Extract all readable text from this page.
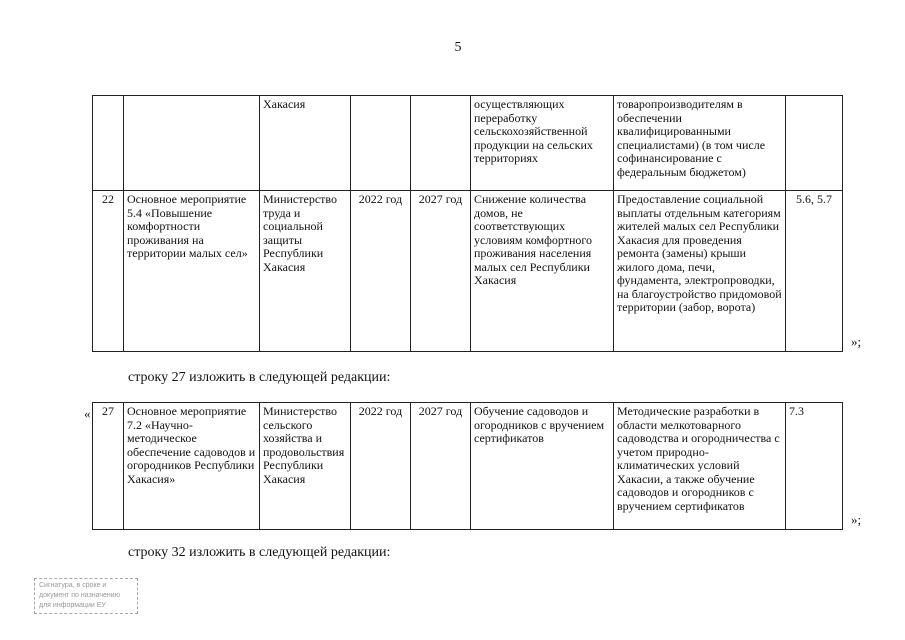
5
		Хакасия			осуществляющих переработку сельскохозяйственной продукции на сельских территориях	товаропроизводителям в обеспечении квалифицированными специалистами) (в том числе софинансирование с федеральным бюджетом)	
22	Основное мероприятие 5.4 «Повышение комфортности проживания на территории малых сел»	Министерство труда и социальной защиты Республики Хакасия	2022 год	2027 год	Снижение количества домов, не соответствующих условиям комфортного проживания населения малых сел Республики Хакасия	Предоставление социальной выплаты отдельным категориям жителей малых сел Республики Хакасия для проведения ремонта (замены) крыши жилого дома, печи, фундамента, электропроводки, на благоустройство придомовой территории (забор, ворота)	5.6, 5.7
»;
строку 27 изложить в следующей редакции:
« 27	Основное мероприятие 7.2 «Научно-методическое обеспечение садоводов и огородников Республики Хакасия»	Министерство сельского хозяйства и продовольствия Республики Хакасия	2022 год	2027 год	Обучение садоводов и огородников с вручением сертификатов	Методические разработки в области мелкотоварного садоводства и огородничества с учетом природно-климатических условий Хакасии, а также обучение садоводов и огородников с вручением сертификатов	7.3
»;
строку 32 изложить в следующей редакции:
Сигнатура, в сроке и
документ по назначению
для информации ЕУ
